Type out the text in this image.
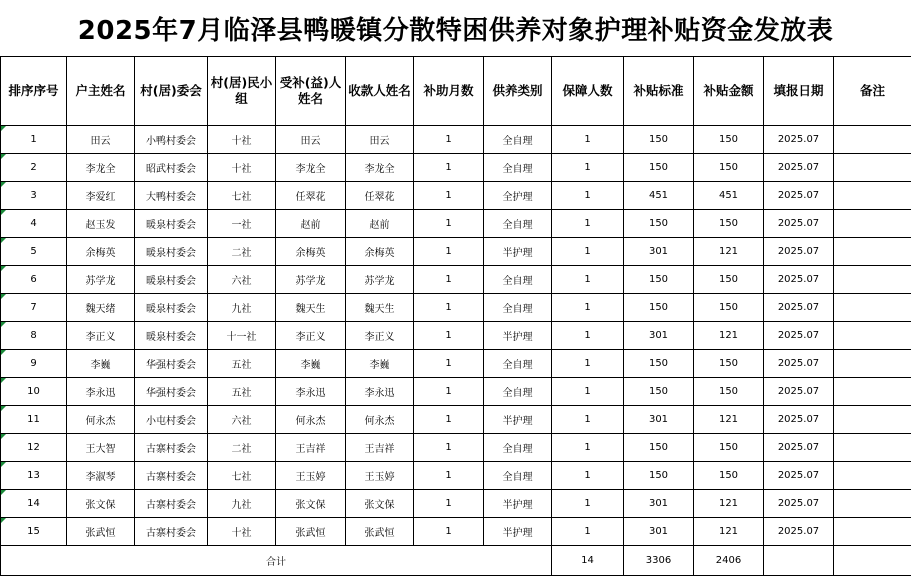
2025年7月临泽县鸭暖镇分散特困供养对象护理补贴资金发放表
排序序号	户主姓名	村(居)委会	村(居)民小组	受补(益)人姓名	收款人姓名	补助月数	供养类别	保障人数	补贴标准	补贴金额	填报日期	备注

1	田云	小鸭村委会	十社	田云	田云	1	全自理	1	150	150	2025.07	

2	李龙全	昭武村委会	十社	李龙全	李龙全	1	全自理	1	150	150	2025.07	

3	李爱红	大鸭村委会	七社	任翠花	任翠花	1	全护理	1	451	451	2025.07	

4	赵玉发	暖泉村委会	一社	赵前	赵前	1	全自理	1	150	150	2025.07	

5	余梅英	暖泉村委会	二社	余梅英	余梅英	1	半护理	1	301	121	2025.07	

6	苏学龙	暖泉村委会	六社	苏学龙	苏学龙	1	全自理	1	150	150	2025.07	

7	魏天绪	暖泉村委会	九社	魏天生	魏天生	1	全自理	1	150	150	2025.07	

8	李正义	暖泉村委会	十一社	李正义	李正义	1	半护理	1	301	121	2025.07	

9	李巍	华强村委会	五社	李巍	李巍	1	全自理	1	150	150	2025.07	

10	李永迅	华强村委会	五社	李永迅	李永迅	1	全自理	1	150	150	2025.07	

11	何永杰	小屯村委会	六社	何永杰	何永杰	1	半护理	1	301	121	2025.07	

12	王大智	古寨村委会	二社	王吉祥	王吉祥	1	全自理	1	150	150	2025.07	

13	李淑琴	古寨村委会	七社	王玉婷	王玉婷	1	全自理	1	150	150	2025.07	

14	张文保	古寨村委会	九社	张文保	张文保	1	半护理	1	301	121	2025.07	

15	张武恒	古寨村委会	十社	张武恒	张武恒	1	半护理	1	301	121	2025.07	
合计								14	3306	2406		
